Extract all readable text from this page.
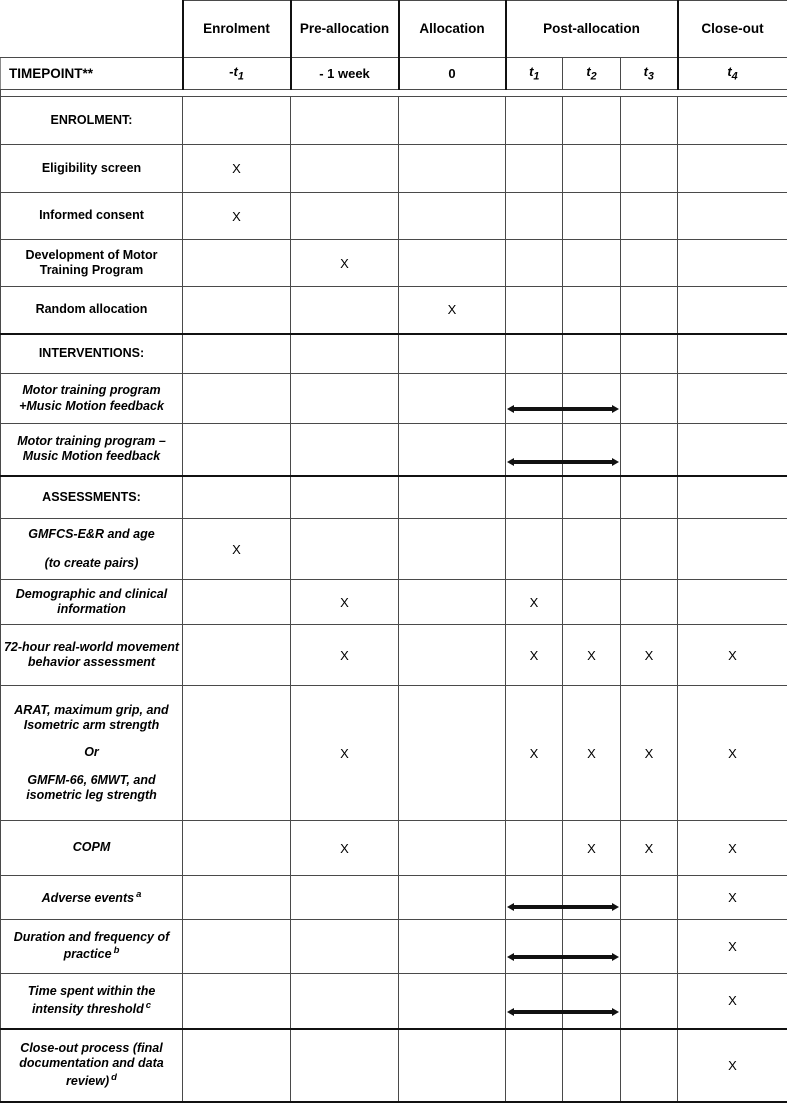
	Enrolment	Pre-allocation	Allocation	Post-allocation			Close-out
TIMEPOINT**	$-t_1$	- 1 week	0	$t_1$	$t_2$	$t_3$	$t_4$

ENROLMENT:							
Eligibility screen	X						
Informed consent	X						
Development of Motor Training Program		X					
Random allocation			X				
INTERVENTIONS:							
Motor training program +Music Motion feedback							
Motor training program –Music Motion feedback							
ASSESSMENTS:							

GMFCS-E&R and age
(to create pairs)	X						
Demographic and clinical information		X		X			
72-hour real-world movement behavior assessment		X		X	X	X	X

ARAT, maximum grip, and Isometric arm strength
Or
GMFM-66, 6MWT, and isometric leg strength		X		X	X	X	X
COPM		X			X	X	X
Adverse events $^a$							X
Duration and frequency of practice $^b$							X
Time spent within the intensity threshold $^c$							X

Close-out process (final
documentation and data
review) $^d$							X
